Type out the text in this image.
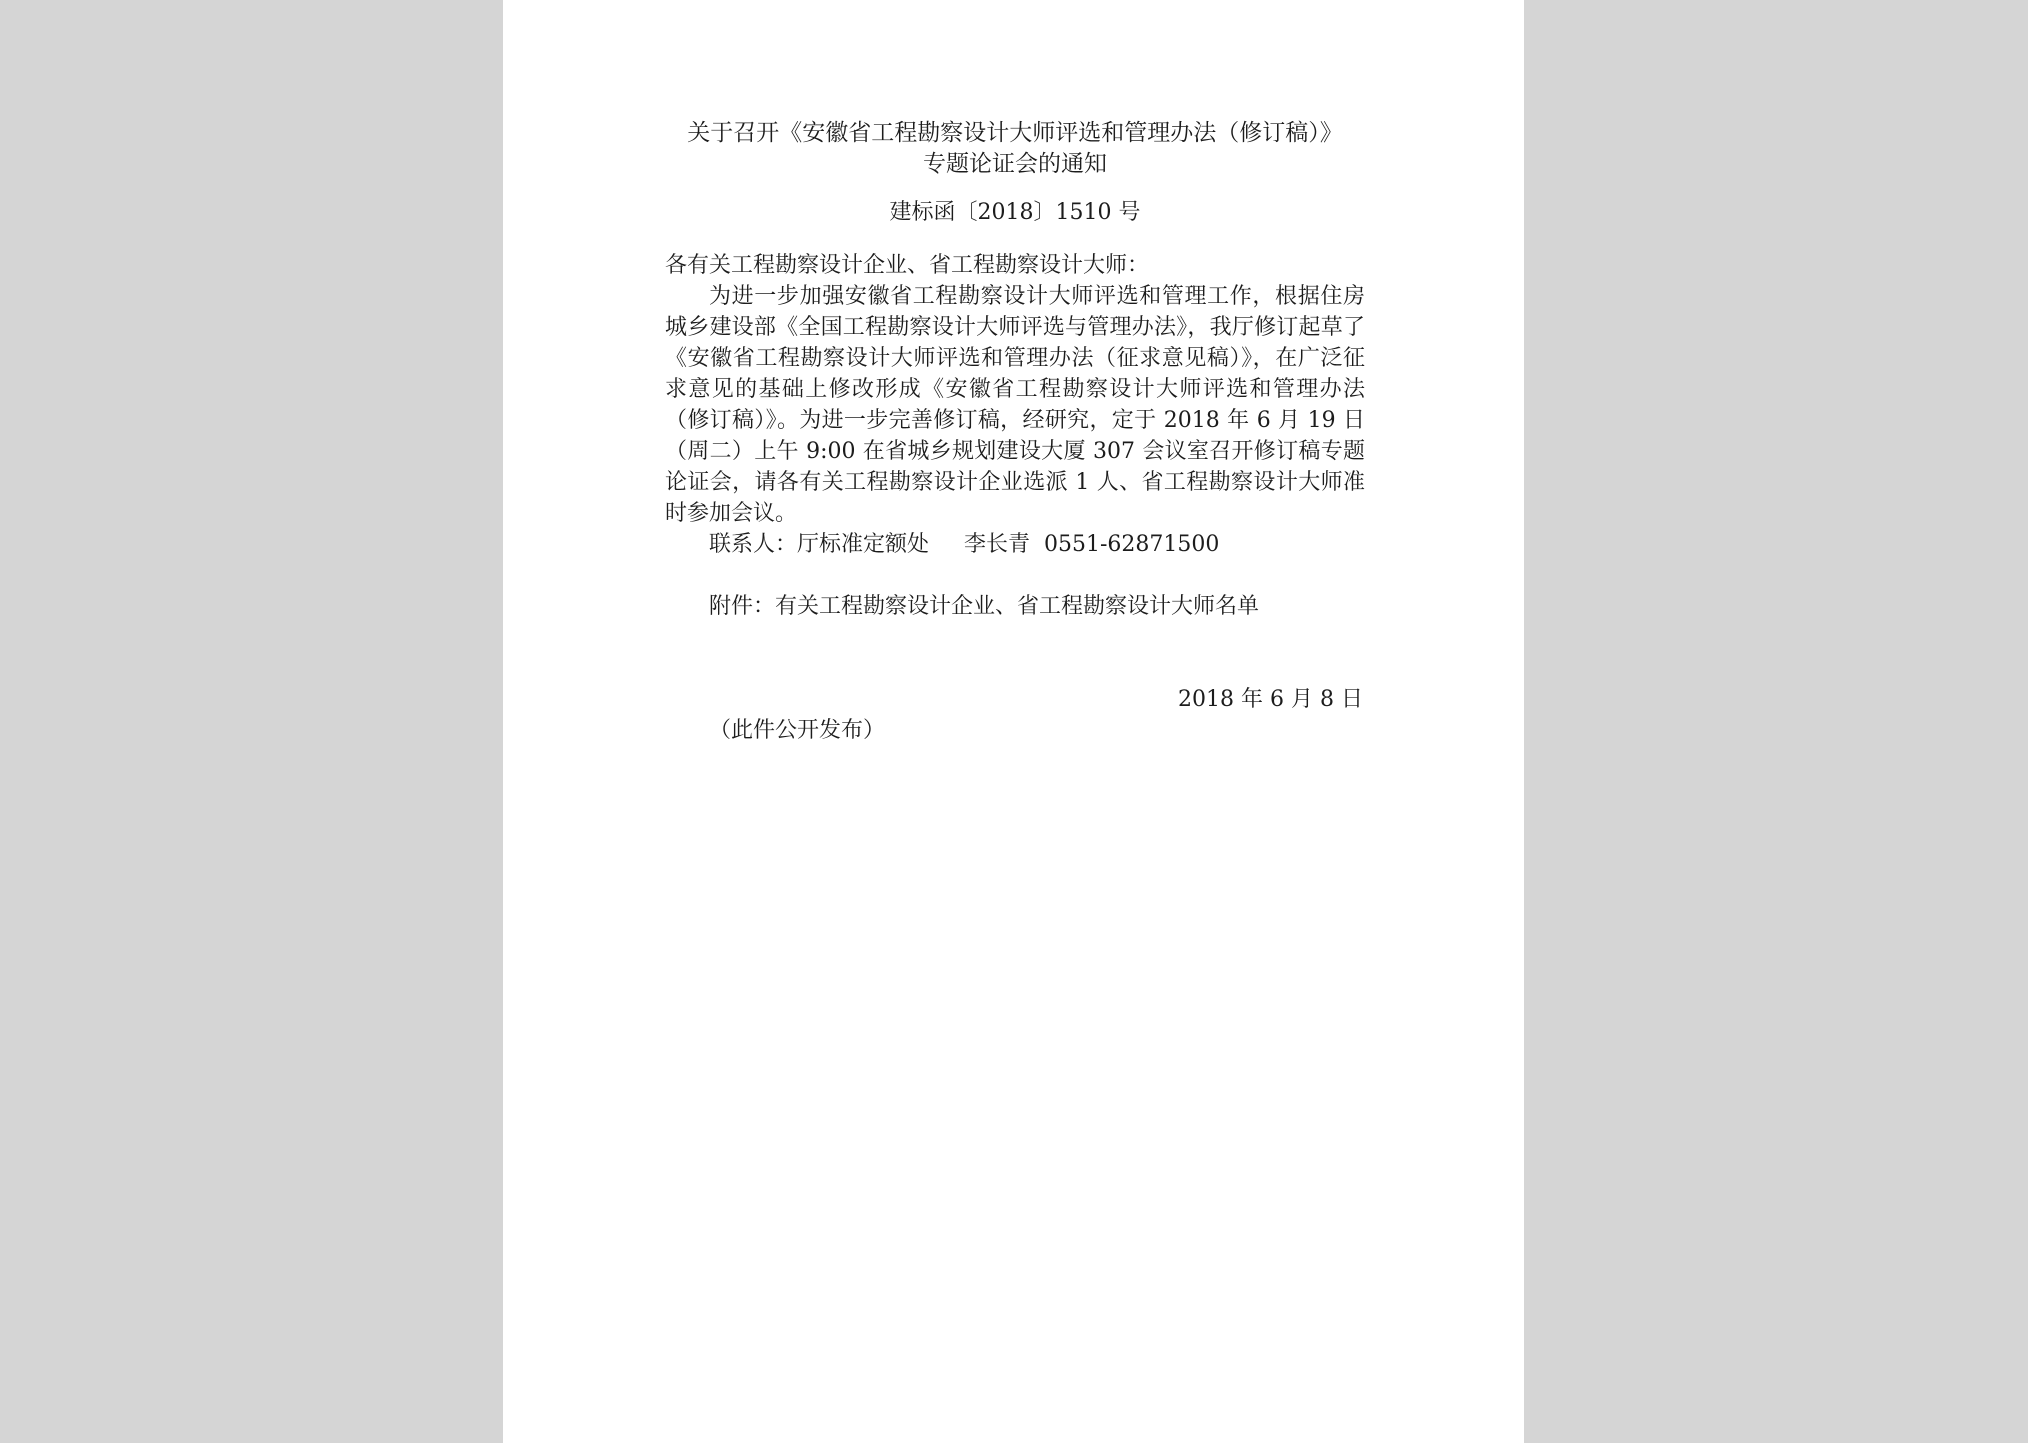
关于召开《安徽省工程勘察设计大师评选和管理办法（修订稿）》

专题论证会的通知

建标函〔2018〕1510 号
各有关工程勘察设计企业、省工程勘察设计大师：

为进一步加强安徽省工程勘察设计大师评选和管理工作，根据住房城乡建设部《全国工程勘察设计大师评选与管理办法》，我厅修订起草了《安徽省工程勘察设计大师评选和管理办法（征求意见稿）》，在广泛征求意见的基础上修改形成《安徽省工程勘察设计大师评选和管理办法（修订稿）》。为进一步完善修订稿，经研究，定于 2018 年 6 月 19 日（周二）上午 9:00 在省城乡规划建设大厦 307 会议室召开修订稿专题论证会，请各有关工程勘察设计企业选派 1 人、省工程勘察设计大师准时参加会议。

联系人：厅标准定额处     李长青  0551-62871500
附件：有关工程勘察设计企业、省工程勘察设计大师名单
2018 年 6 月 8 日
（此件公开发布）
